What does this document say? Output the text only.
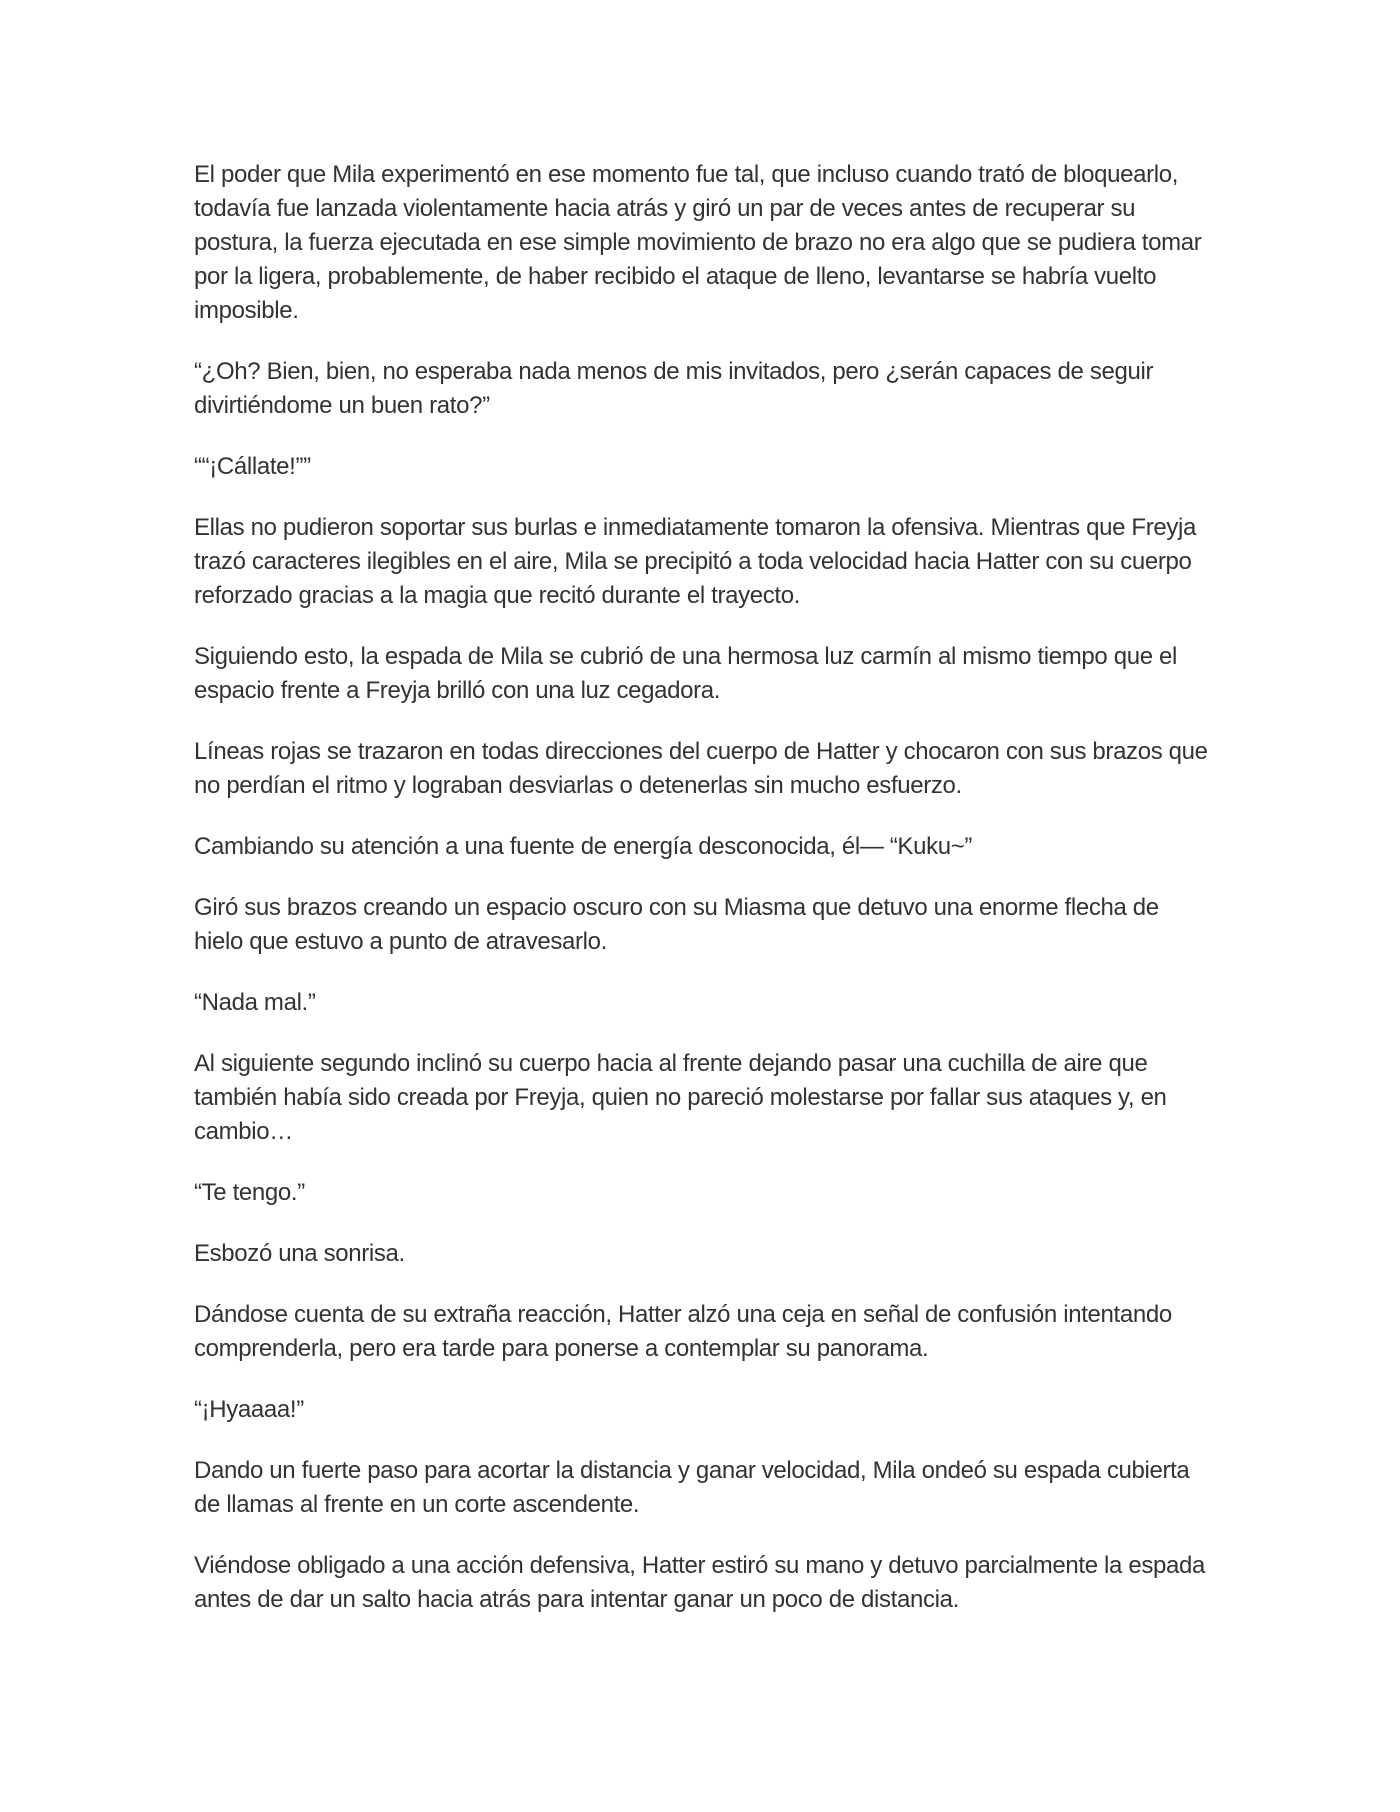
El poder que Mila experimentó en ese momento fue tal, que incluso cuando trató de bloquearlo, todavía fue lanzada violentamente hacia atrás y giró un par de veces antes de recuperar su postura, la fuerza ejecutada en ese simple movimiento de brazo no era algo que se pudiera tomar por la ligera, probablemente, de haber recibido el ataque de lleno, levantarse se habría vuelto imposible.

“¿Oh? Bien, bien, no esperaba nada menos de mis invitados, pero ¿serán capaces de seguir divirtiéndome un buen rato?”

““¡Cállate!””

Ellas no pudieron soportar sus burlas e inmediatamente tomaron la ofensiva. Mientras que Freyja trazó caracteres ilegibles en el aire, Mila se precipitó a toda velocidad hacia Hatter con su cuerpo reforzado gracias a la magia que recitó durante el trayecto.

Siguiendo esto, la espada de Mila se cubrió de una hermosa luz carmín al mismo tiempo que el espacio frente a Freyja brilló con una luz cegadora.

Líneas rojas se trazaron en todas direcciones del cuerpo de Hatter y chocaron con sus brazos que no perdían el ritmo y lograban desviarlas o detenerlas sin mucho esfuerzo.

Cambiando su atención a una fuente de energía desconocida, él— “Kuku~”

Giró sus brazos creando un espacio oscuro con su Miasma que detuvo una enorme flecha de hielo que estuvo a punto de atravesarlo.

“Nada mal.”

Al siguiente segundo inclinó su cuerpo hacia al frente dejando pasar una cuchilla de aire que también había sido creada por Freyja, quien no pareció molestarse por fallar sus ataques y, en cambio…

“Te tengo.”

Esbozó una sonrisa.

Dándose cuenta de su extraña reacción, Hatter alzó una ceja en señal de confusión intentando comprenderla, pero era tarde para ponerse a contemplar su panorama.

“¡Hyaaaa!”

Dando un fuerte paso para acortar la distancia y ganar velocidad, Mila ondeó su espada cubierta de llamas al frente en un corte ascendente.

Viéndose obligado a una acción defensiva, Hatter estiró su mano y detuvo parcialmente la espada antes de dar un salto hacia atrás para intentar ganar un poco de distancia.
